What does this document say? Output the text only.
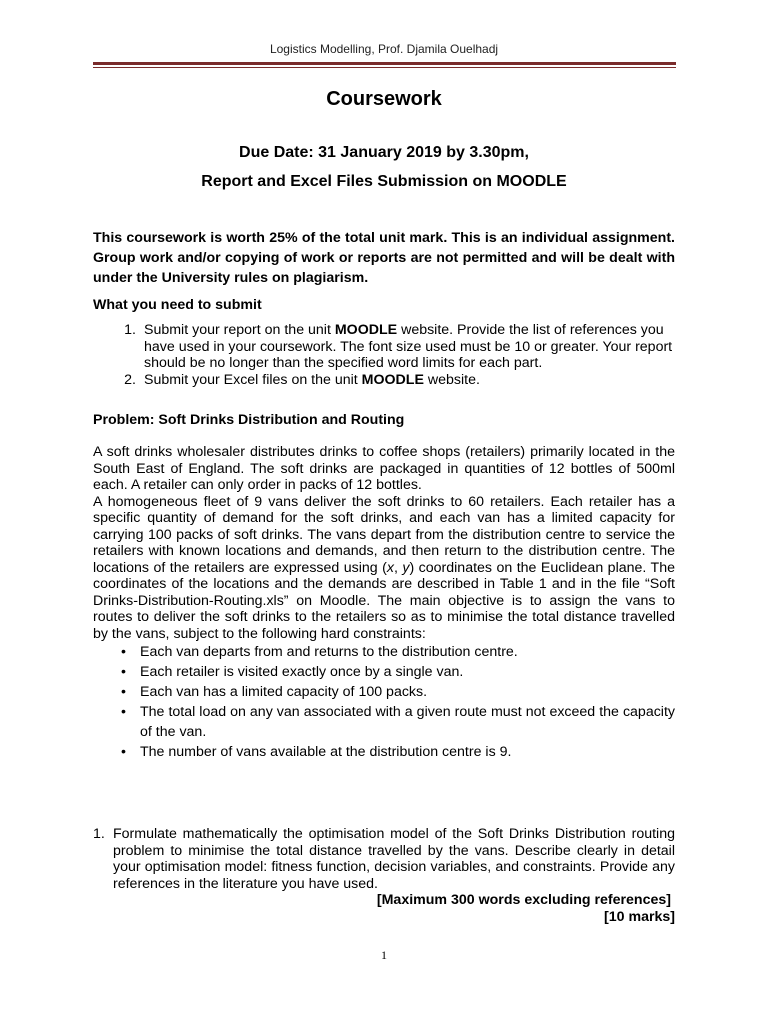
Logistics Modelling, Prof. Djamila Ouelhadj
Coursework
Due Date: 31 January 2019 by 3.30pm,
Report and Excel Files Submission on MOODLE
This coursework is worth 25% of the total unit mark. This is an individual assignment. Group work and/or copying of work or reports are not permitted and will be dealt with under the University rules on plagiarism.
What you need to submit
1. Submit your report on the unit MOODLE website. Provide the list of references you have used in your coursework. The font size used must be 10 or greater. Your report should be no longer than the specified word limits for each part.
2. Submit your Excel files on the unit MOODLE website.
Problem: Soft Drinks Distribution and Routing
A soft drinks wholesaler distributes drinks to coffee shops (retailers) primarily located in the South East of England. The soft drinks are packaged in quantities of 12 bottles of 500ml each. A retailer can only order in packs of 12 bottles.
A homogeneous fleet of 9 vans deliver the soft drinks to 60 retailers. Each retailer has a specific quantity of demand for the soft drinks, and each van has a limited capacity for carrying 100 packs of soft drinks. The vans depart from the distribution centre to service the retailers with known locations and demands, and then return to the distribution centre. The locations of the retailers are expressed using (x, y) coordinates on the Euclidean plane. The coordinates of the locations and the demands are described in Table 1 and in the file “Soft Drinks-Distribution-Routing.xls” on Moodle. The main objective is to assign the vans to routes to deliver the soft drinks to the retailers so as to minimise the total distance travelled by the vans, subject to the following hard constraints:
• Each van departs from and returns to the distribution centre.
• Each retailer is visited exactly once by a single van.
• Each van has a limited capacity of 100 packs.
• The total load on any van associated with a given route must not exceed the capacity of the van.
• The number of vans available at the distribution centre is 9.
1. Formulate mathematically the optimisation model of the Soft Drinks Distribution routing problem to minimise the total distance travelled by the vans. Describe clearly in detail your optimisation model: fitness function, decision variables, and constraints. Provide any references in the literature you have used.
[Maximum 300 words excluding references]
[10 marks]
1
